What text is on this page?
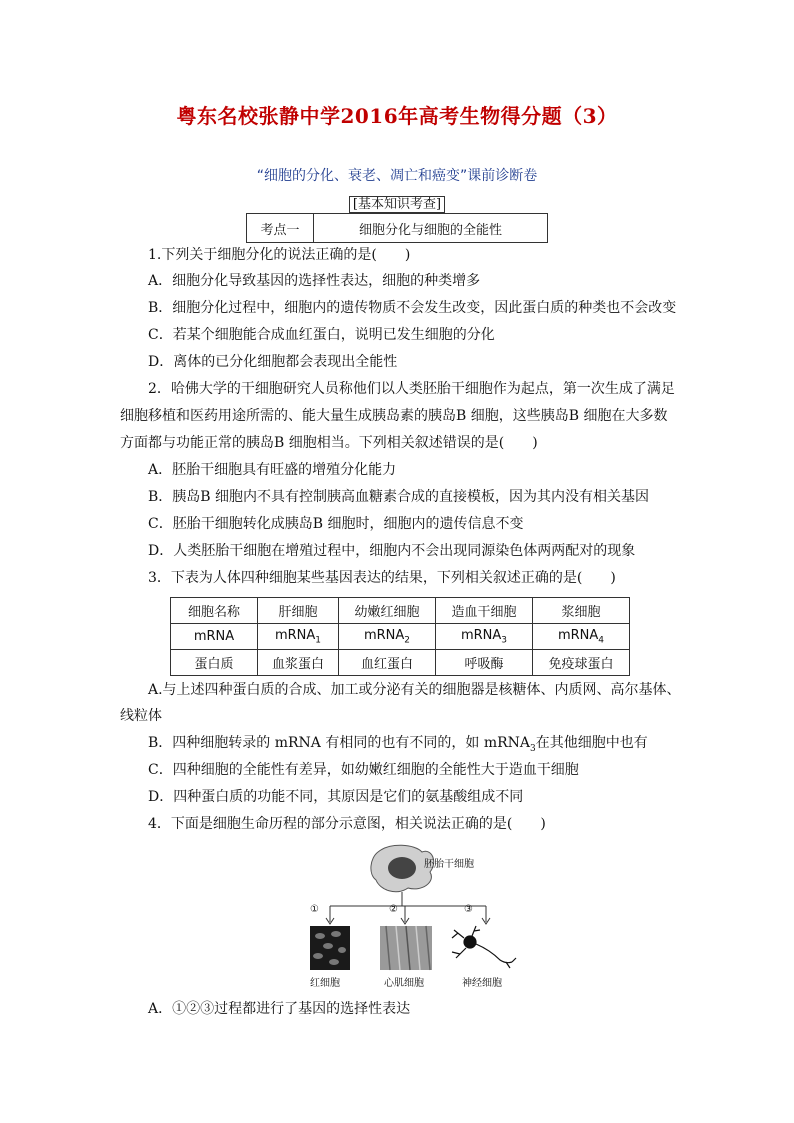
粤东名校张静中学2016年高考生物得分题（3）
“细胞的分化、衰老、凋亡和癌变”课前诊断卷
[基本知识考查]
考点一	细胞分化与细胞的全能性
1.下列关于细胞分化的说法正确的是(　　)
A．细胞分化导致基因的选择性表达，细胞的种类增多
B．细胞分化过程中，细胞内的遗传物质不会发生改变，因此蛋白质的种类也不会改变
C．若某个细胞能合成血红蛋白，说明已发生细胞的分化
D．离体的已分化细胞都会表现出全能性
2．哈佛大学的干细胞研究人员称他们以人类胚胎干细胞作为起点，第一次生成了满足
细胞移植和医药用途所需的、能大量生成胰岛素的胰岛B 细胞，这些胰岛B 细胞在大多数
方面都与功能正常的胰岛B 细胞相当。下列相关叙述错误的是(　　)
A．胚胎干细胞具有旺盛的增殖分化能力
B．胰岛B 细胞内不具有控制胰高血糖素合成的直接模板，因为其内没有相关基因
C．胚胎干细胞转化成胰岛B 细胞时，细胞内的遗传信息不变
D．人类胚胎干细胞在增殖过程中，细胞内不会出现同源染色体两两配对的现象
3．下表为人体四种细胞某些基因表达的结果，下列相关叙述正确的是(　　)
细胞名称	肝细胞	幼嫩红细胞	造血干细胞	浆细胞
mRNA	mRNA$_1$	mRNA$_2$	mRNA$_3$	mRNA$_4$
蛋白质	血浆蛋白	血红蛋白	呼吸酶	免疫球蛋白
A.与上述四种蛋白质的合成、加工或分泌有关的细胞器是核糖体、内质网、高尔基体、
线粒体
B．四种细胞转录的 mRNA 有相同的也有不同的，如 mRNA$_3$在其他细胞中也有
C．四种细胞的全能性有差异，如幼嫩红细胞的全能性大于造血干细胞
D．四种蛋白质的功能不同，其原因是它们的氨基酸组成不同
4．下面是细胞生命历程的部分示意图，相关说法正确的是(　　)
胚胎干细胞
①	②	③
红细胞	心肌细胞	神经细胞
A．①②③过程都进行了基因的选择性表达
